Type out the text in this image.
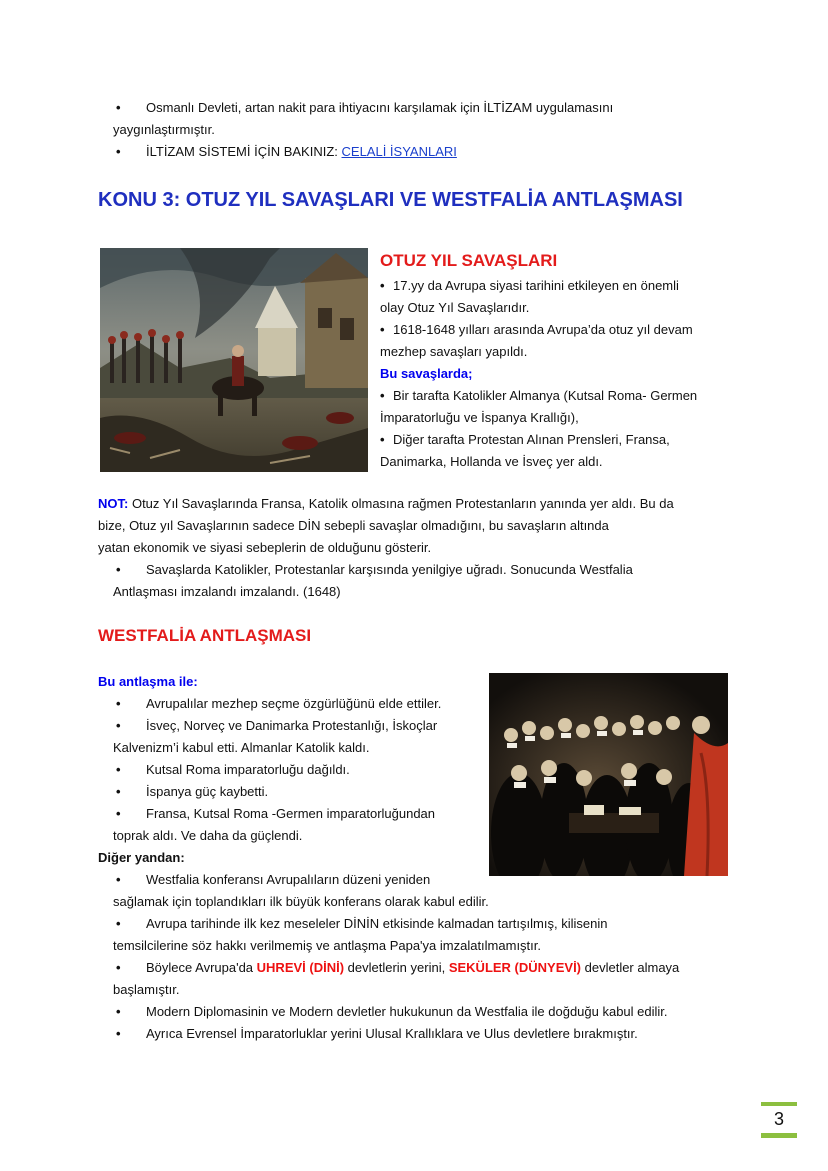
• Osmanlı Devleti, artan nakit para ihtiyacını karşılamak için İLTİZAM uygulamasını
yaygınlaştırmıştır.
• İLTİZAM SİSTEMİ İÇİN BAKINIZ: CELALİ İSYANLARI
KONU 3: OTUZ YIL SAVAŞLARI VE WESTFALİA ANTLAŞMASI
OTUZ YIL SAVAŞLARI
• 17.yy da Avrupa siyasi tarihini etkileyen en önemli
olay Otuz Yıl Savaşlarıdır.
• 1618-1648 yılları arasında Avrupa’da otuz yıl devam
mezhep savaşları yapıldı.
Bu savaşlarda;
• Bir tarafta Katolikler Almanya (Kutsal Roma- Germen
İmparatorluğu ve İspanya Krallığı),
• Diğer tarafta Protestan Alınan Prensleri, Fransa,
Danimarka, Hollanda ve İsveç yer aldı.
NOT: Otuz Yıl Savaşlarında Fransa, Katolik olmasına rağmen Protestanların yanında yer aldı. Bu da
bize, Otuz yıl Savaşlarının sadece DİN sebepli savaşlar olmadığını, bu savaşların altında
yatan ekonomik ve siyasi sebeplerin de olduğunu gösterir.
• Savaşlarda Katolikler, Protestanlar karşısında yenilgiye uğradı. Sonucunda Westfalia
Antlaşması imzalandı imzalandı. (1648)
WESTFALİA ANTLAŞMASI
Bu antlaşma ile:
• Avrupalılar mezhep seçme özgürlüğünü elde ettiler.
• İsveç, Norveç ve Danimarka Protestanlığı, İskoçlar
Kalvenizm’i kabul etti. Almanlar Katolik kaldı.
• Kutsal Roma imparatorluğu dağıldı.
• İspanya güç kaybetti.
• Fransa, Kutsal Roma -Germen imparatorluğundan
toprak aldı. Ve daha da güçlendi.
Diğer yandan:
• Westfalia konferansı Avrupalıların düzeni yeniden
sağlamak için toplandıkları ilk büyük konferans olarak kabul edilir.
• Avrupa tarihinde ilk kez meseleler DİNİN etkisinde kalmadan tartışılmış, kilisenin
temsilcilerine söz hakkı verilmemiş ve antlaşma Papa'ya imzalatılmamıştır.
• Böylece Avrupa'da UHREVİ (DİNİ) devletlerin yerini, SEKÜLER (DÜNYEVİ) devletler almaya
başlamıştır.
• Modern Diplomasinin ve Modern devletler hukukunun da Westfalia ile doğduğu kabul edilir.
• Ayrıca Evrensel İmparatorluklar yerini Ulusal Krallıklara ve Ulus devletlere bırakmıştır.
3
